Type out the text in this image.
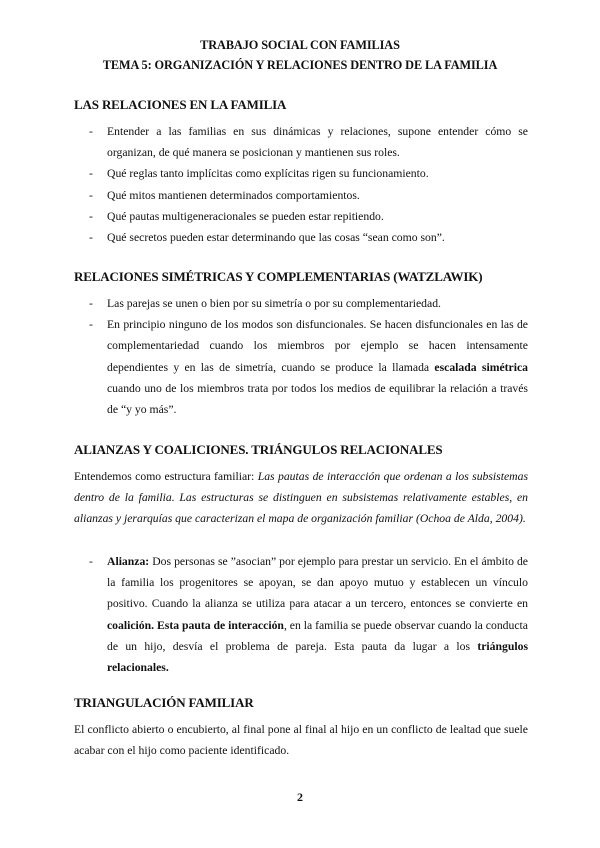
TRABAJO SOCIAL CON FAMILIAS
TEMA 5: ORGANIZACIÓN Y RELACIONES DENTRO DE LA FAMILIA
LAS RELACIONES EN LA FAMILIA
- Entender a las familias en sus dinámicas y relaciones, supone entender cómo se organizan, de qué manera se posicionan y mantienen sus roles.
- Qué reglas tanto implícitas como explícitas rigen su funcionamiento.
- Qué mitos mantienen determinados comportamientos.
- Qué pautas multigeneracionales se pueden estar repitiendo.
- Qué secretos pueden estar determinando que las cosas “sean como son”.
RELACIONES SIMÉTRICAS Y COMPLEMENTARIAS (WATZLAWIK)
- Las parejas se unen o bien por su simetría o por su complementariedad.
- En principio ninguno de los modos son disfuncionales. Se hacen disfuncionales en las de complementariedad cuando los miembros por ejemplo se hacen intensamente dependientes y en las de simetría, cuando se produce la llamada escalada simétrica cuando uno de los miembros trata por todos los medios de equilibrar la relación a través de “y yo más”.
ALIANZAS Y COALICIONES. TRIÁNGULOS RELACIONALES
Entendemos como estructura familiar: Las pautas de interacción que ordenan a los subsistemas dentro de la familia. Las estructuras se distinguen en subsistemas relativamente estables, en alianzas y jerarquías que caracterizan el mapa de organización familiar (Ochoa de Alda, 2004).
- Alianza: Dos personas se ”asocian” por ejemplo para prestar un servicio. En el ámbito de la familia los progenitores se apoyan, se dan apoyo mutuo y establecen un vínculo positivo. Cuando la alianza se utiliza para atacar a un tercero, entonces se convierte en coalición. Esta pauta de interacción, en la familia se puede observar cuando la conducta de un hijo, desvía el problema de pareja. Esta pauta da lugar a los triángulos relacionales.
TRIANGULACIÓN FAMILIAR
El conflicto abierto o encubierto, al final pone al final al hijo en un conflicto de lealtad que suele acabar con el hijo como paciente identificado.
2
